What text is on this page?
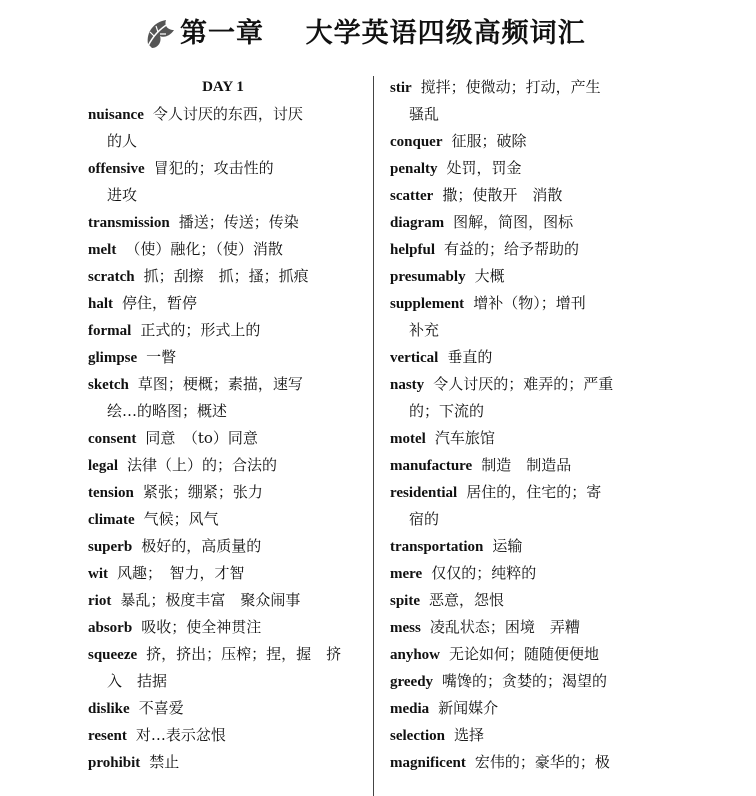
第一章    大学英语四级高频词汇
DAY 1
nuisance 令人讨厌的东西，讨厌
的人
offensive 冒犯的；攻击性的
进攻
transmission 播送；传送；传染
melt （使）融化；（使）消散
scratch 抓；刮擦　抓；搔；抓痕
halt 停住，暂停
formal 正式的；形式上的
glimpse 一瞥
sketch 草图；梗概；素描，速写
绘…的略图；概述
consent 同意　（to）同意
legal 法律（上）的；合法的
tension 紧张；绷紧；张力
climate 气候；风气
superb 极好的，高质量的
wit 风趣；　智力，才智
riot 暴乱；极度丰富　聚众闹事
absorb 吸收；使全神贯注
squeeze 挤，挤出；压榨；捏，握　挤
入　拮据
dislike 不喜爱
resent 对…表示忿恨
prohibit 禁止
stir 搅拌；使微动；打动，产生
骚乱
conquer 征服；破除
penalty 处罚，罚金
scatter 撒；使散开　消散
diagram 图解，简图，图标
helpful 有益的；给予帮助的
presumably 大概
supplement 增补（物）；增刊
补充
vertical 垂直的
nasty 令人讨厌的；难弄的；严重
的；下流的
motel 汽车旅馆
manufacture 制造　制造品
residential 居住的，住宅的；寄
宿的
transportation 运输
mere 仅仅的；纯粹的
spite 恶意，怨恨
mess 凌乱状态；困境　弄糟
anyhow 无论如何；随随便便地
greedy 嘴馋的；贪婪的；渴望的
media 新闻媒介
selection 选择
magnificent 宏伟的；豪华的；极
